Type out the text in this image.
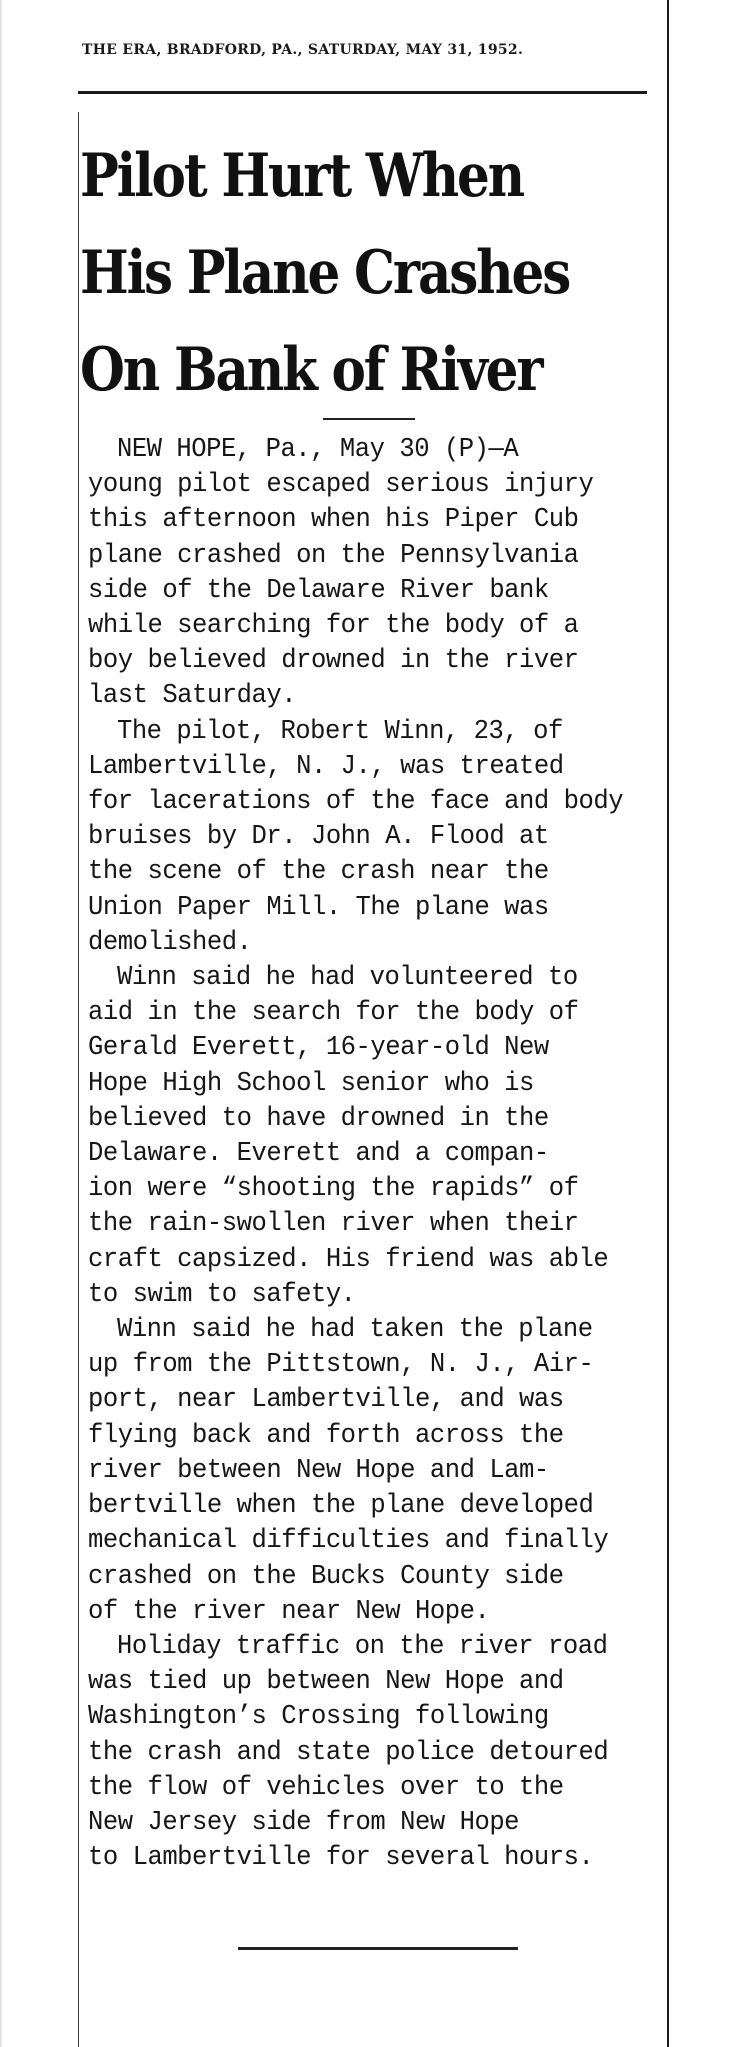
THE ERA, BRADFORD, PA., SATURDAY, MAY 31, 1952.
Pilot Hurt When
His Plane Crashes
On Bank of River
NEW HOPE, Pa., May 30 (P)—A
young pilot escaped serious injury
this afternoon when his Piper Cub
plane crashed on the Pennsylvania
side of the Delaware River bank
while searching for the body of a
boy believed drowned in the river
last Saturday.
The pilot, Robert Winn, 23, of
Lambertville, N. J., was treated
for lacerations of the face and body
bruises by Dr. John A. Flood at
the scene of the crash near the
Union Paper Mill. The plane was
demolished.
Winn said he had volunteered to
aid in the search for the body of
Gerald Everett, 16-year-old New
Hope High School senior who is
believed to have drowned in the
Delaware. Everett and a compan-
ion were “shooting the rapids” of
the rain-swollen river when their
craft capsized. His friend was able
to swim to safety.
Winn said he had taken the plane
up from the Pittstown, N. J., Air-
port, near Lambertville, and was
flying back and forth across the
river between New Hope and Lam-
bertville when the plane developed
mechanical difficulties and finally
crashed on the Bucks County side
of the river near New Hope.
Holiday traffic on the river road
was tied up between New Hope and
Washington’s Crossing following
the crash and state police detoured
the flow of vehicles over to the
New Jersey side from New Hope
to Lambertville for several hours.
